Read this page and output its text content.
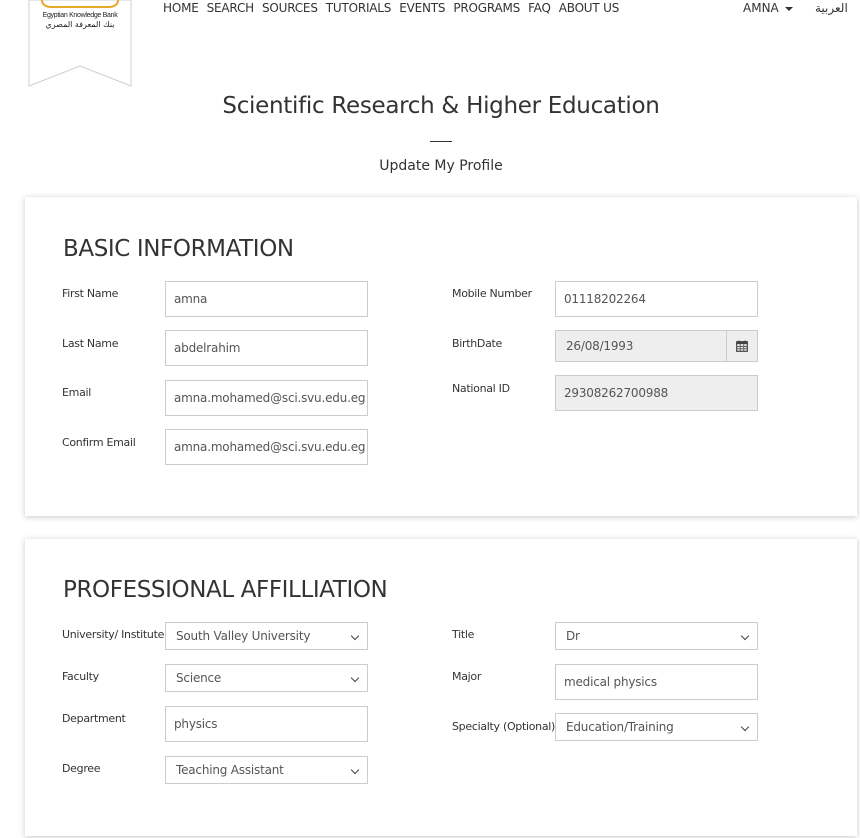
Egyptian Knowledge Bank
بنك المعرفة المصري
HOME SEARCH SOURCES TUTORIALS EVENTS PROGRAMS FAQ ABOUT US	AMNA	العربية
Scientific Research & Higher Education
Update My Profile
BASIC INFORMATION
First Name	amna
Last Name	abdelrahim
Email	amna.mohamed@sci.svu.edu.eg
Confirm Email	amna.mohamed@sci.svu.edu.eg
Mobile Number	01118202264
BirthDate	26/08/1993
National ID	29308262700988
PROFESSIONAL AFFILLIATION
University/ Institute South Valley University
Faculty	Science
Department	physics
Degree	Teaching Assistant
Title	Dr
Major	medical physics
Specialty (Optional) Education/Training
